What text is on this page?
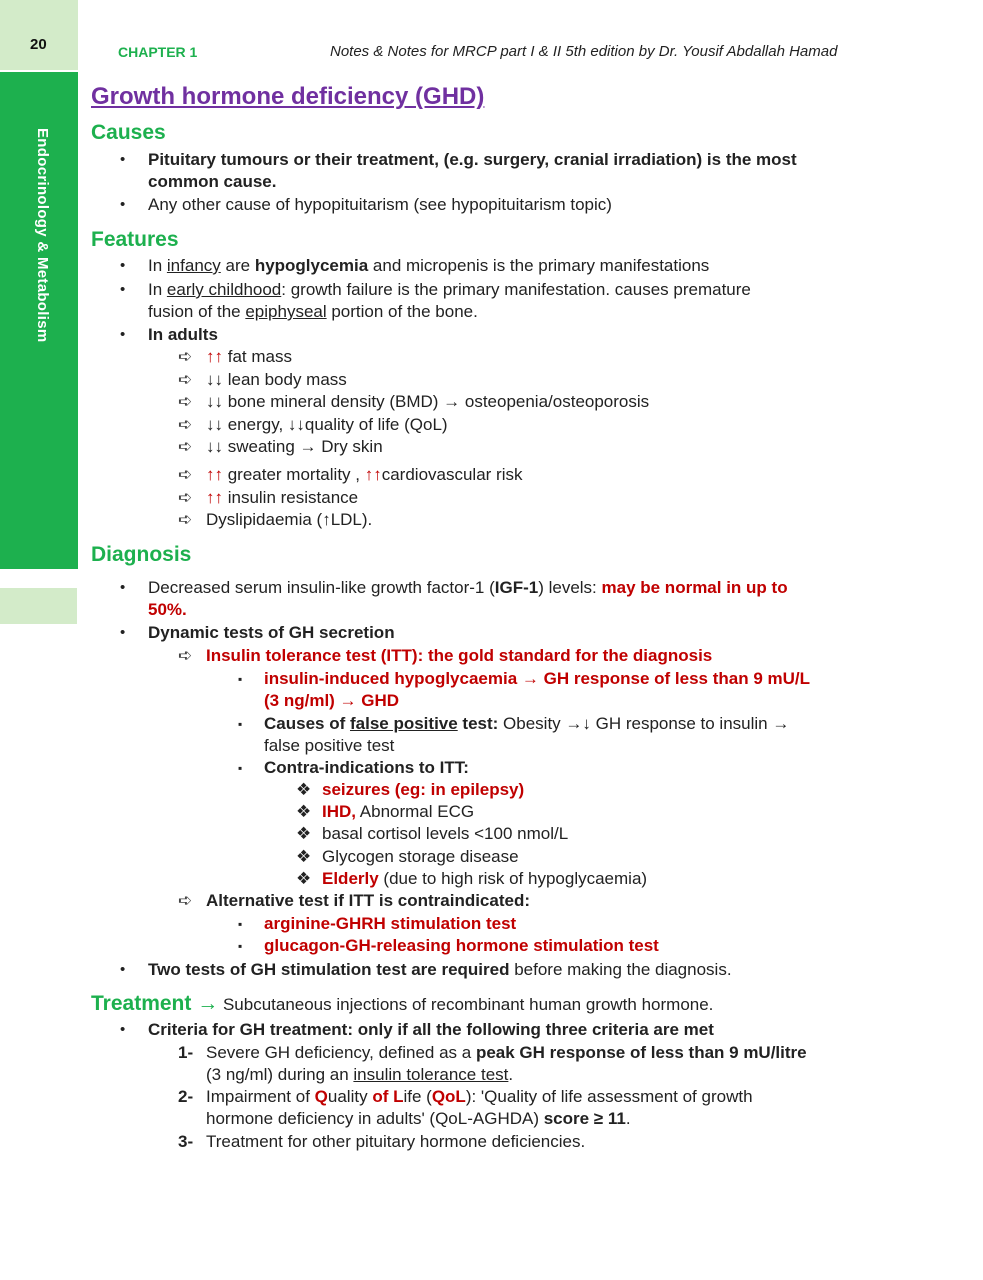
20
Endocrinology & Metabolism
CHAPTER 1	Notes & Notes for MRCP part I & II 5th edition by Dr. Yousif Abdallah Hamad
Growth hormone deficiency (GHD)
Causes
• Pituitary tumours or their treatment, (e.g. surgery, cranial irradiation) is the most
common cause.
• Any other cause of hypopituitarism (see hypopituitarism topic)
Features
• In infancy are hypoglycemia and micropenis is the primary manifestations
• In early childhood: growth failure is the primary manifestation. causes premature
fusion of the epiphyseal portion of the bone.
• In adults
➪ ↑↑ fat mass
➪ ↓↓ lean body mass
➪ ↓↓ bone mineral density (BMD) → osteopenia/osteoporosis
➪ ↓↓ energy, ↓↓quality of life (QoL)
➪ ↓↓ sweating → Dry skin
➪ ↑↑ greater mortality , ↑↑cardiovascular risk
➪ ↑↑ insulin resistance
➪ Dyslipidaemia (↑LDL).
Diagnosis
• Decreased serum insulin-like growth factor-1 (IGF-1) levels: may be normal in up to
50%.
• Dynamic tests of GH secretion
➪ Insulin tolerance test (ITT): the gold standard for the diagnosis
▪ insulin-induced hypoglycaemia → GH response of less than 9 mU/L
(3 ng/ml) → GHD
▪ Causes of false positive test: Obesity →↓ GH response to insulin →
false positive test
▪ Contra-indications to ITT:
❖ seizures (eg: in epilepsy)
❖ IHD, Abnormal ECG
❖ basal cortisol levels <100 nmol/L
❖ Glycogen storage disease
❖ Elderly (due to high risk of hypoglycaemia)
➪ Alternative test if ITT is contraindicated:
▪ arginine-GHRH stimulation test
▪ glucagon-GH-releasing hormone stimulation test
• Two tests of GH stimulation test are required before making the diagnosis.
Treatment → Subcutaneous injections of recombinant human growth hormone.
• Criteria for GH treatment: only if all the following three criteria are met
1- Severe GH deficiency, defined as a peak GH response of less than 9 mU/litre
(3 ng/ml) during an insulin tolerance test.
2- Impairment of Quality of Life (QoL): 'Quality of life assessment of growth
hormone deficiency in adults' (QoL-AGHDA) score ≥ 11.
3- Treatment for other pituitary hormone deficiencies.
